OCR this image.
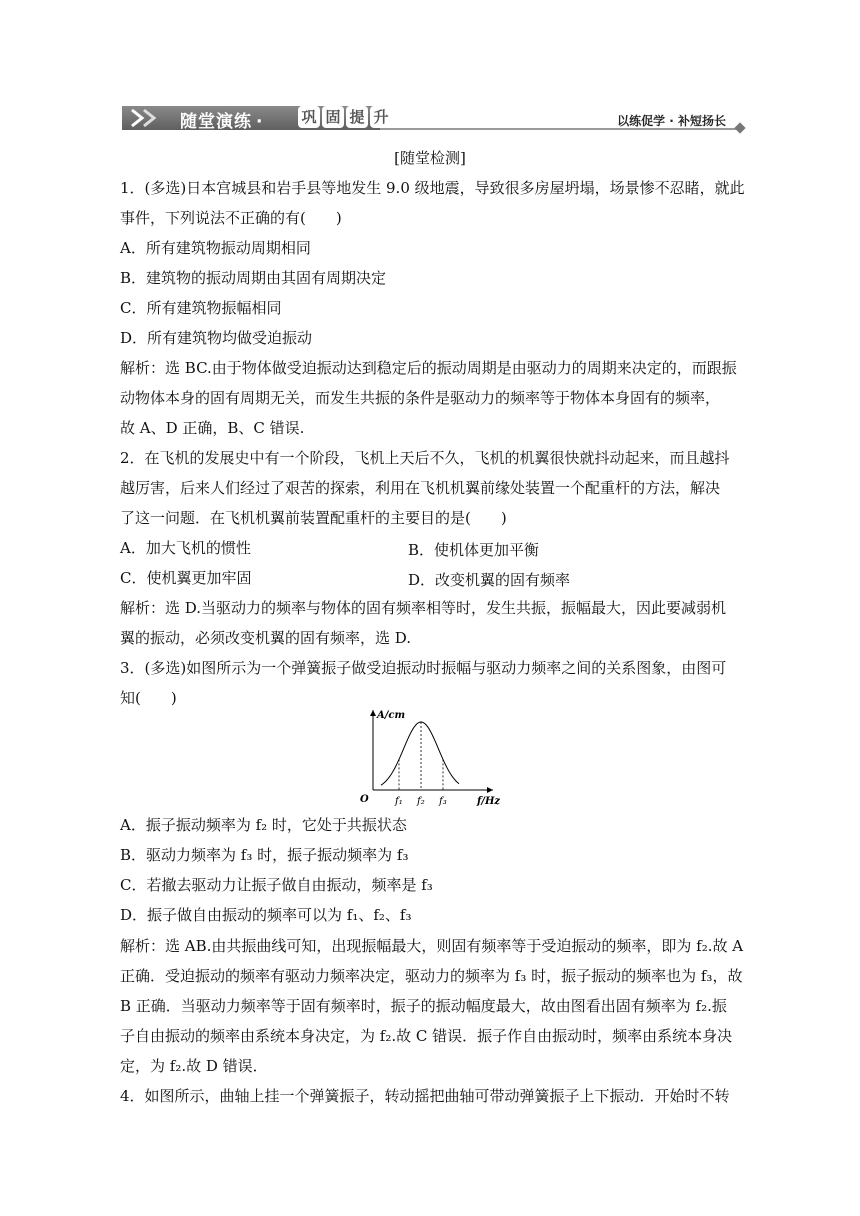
随堂演练 ·	巩 固 提 升	以练促学 · 补短扬长
[随堂检测]
1．(多选)日本宫城县和岩手县等地发生 9.0 级地震，导致很多房屋坍塌，场景惨不忍睹，就此
事件，下列说法不正确的有(　　)
A．所有建筑物振动周期相同
B．建筑物的振动周期由其固有周期决定
C．所有建筑物振幅相同
D．所有建筑物均做受迫振动
解析：选 BC.由于物体做受迫振动达到稳定后的振动周期是由驱动力的周期来决定的，而跟振
动物体本身的固有周期无关，而发生共振的条件是驱动力的频率等于物体本身固有的频率，
故 A、D 正确，B、C 错误.
2．在飞机的发展史中有一个阶段，飞机上天后不久，飞机的机翼很快就抖动起来，而且越抖
越厉害，后来人们经过了艰苦的探索，利用在飞机机翼前缘处装置一个配重杆的方法，解决
了这一问题．在飞机机翼前装置配重杆的主要目的是(　　)
A．加大飞机的惯性	B．使机体更加平衡
C．使机翼更加牢固	D．改变机翼的固有频率
解析：选 D.当驱动力的频率与物体的固有频率相等时，发生共振，振幅最大，因此要减弱机
翼的振动，必须改变机翼的固有频率，选 D.
3．(多选)如图所示为一个弹簧振子做受迫振动时振幅与驱动力频率之间的关系图象，由图可
知(　　)
A/cm
f/Hz
O	f₁ f₂ f₃
A．振子振动频率为 f₂ 时，它处于共振状态
B．驱动力频率为 f₃ 时，振子振动频率为 f₃
C．若撤去驱动力让振子做自由振动，频率是 f₃
D．振子做自由振动的频率可以为 f₁、f₂、f₃
解析：选 AB.由共振曲线可知，出现振幅最大，则固有频率等于受迫振动的频率，即为 f₂.故 A
正确．受迫振动的频率有驱动力频率决定，驱动力的频率为 f₃ 时，振子振动的频率也为 f₃，故
B 正确．当驱动力频率等于固有频率时，振子的振动幅度最大，故由图看出固有频率为 f₂.振
子自由振动的频率由系统本身决定，为 f₂.故 C 错误．振子作自由振动时，频率由系统本身决
定，为 f₂.故 D 错误．
4．如图所示，曲轴上挂一个弹簧振子，转动摇把曲轴可带动弹簧振子上下振动．开始时不转
